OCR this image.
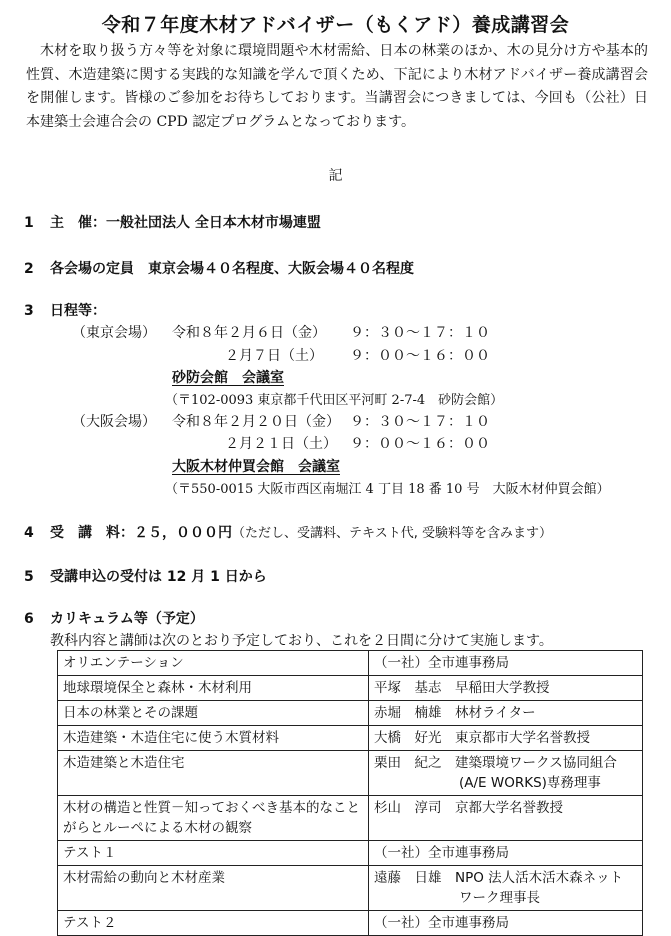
令和７年度木材アドバイザー（もくアド）養成講習会
木材を取り扱う方々等を対象に環境問題や木材需給、日本の林業のほか、木の見分け方や基本的性質、木造建築に関する実践的な知識を学んで頂くため、下記により木材アドバイザー養成講習会を開催します。皆様のご参加をお待ちしております。当講習会につきましては、今回も（公社）日本建築士会連合会の CPD 認定プログラムとなっております。
記
1 主　催：一般社団法人 全日本木材市場連盟
2 各会場の定員　東京会場４０名程度、大阪会場４０名程度
3 日程等：
（東京会場） 令和８年２月６日（金） ９：３０～１７：１０
２月７日（土） ９：００～１６：００
砂防会館　会議室
（〒102-0093 東京都千代田区平河町 2-7-4　砂防会館）
（大阪会場） 令和８年２月２０日（金） ９：３０～１７：１０
２月２１日（土） ９：００～１６：００
大阪木材仲買会館　会議室
（〒550-0015 大阪市西区南堀江 4 丁目 18 番 10 号　大阪木材仲買会館）
4 受　講　料：２５，０００円（ただし、受講料、テキスト代, 受験料等を含みます）
5 受講申込の受付は 12 月 1 日から
6 カリキュラム等（予定）
教科内容と講師は次のとおり予定しており、これを２日間に分けて実施します。
オリエンテーション	（一社）全市連事務局
地球環境保全と森林・木材利用	平塚　基志　早稲田大学教授
日本の林業とその課題	赤堀　楠雄　林材ライター
木造建築・木造住宅に使う木質材料	大橋　好光　東京都市大学名誉教授
木造建築と木造住宅	栗田　紀之　建築環境ワークス協同組合
(A/E WORKS)専務理事

木材の構造と性質－知っておくべき基本的なことがらとルーペによる木材の観察	杉山　淳司　京都大学名誉教授
テスト１	（一社）全市連事務局
木材需給の動向と木材産業	遠藤　日雄　NPO 法人活木活木森ネット
ワーク理事長

テスト２	（一社）全市連事務局
